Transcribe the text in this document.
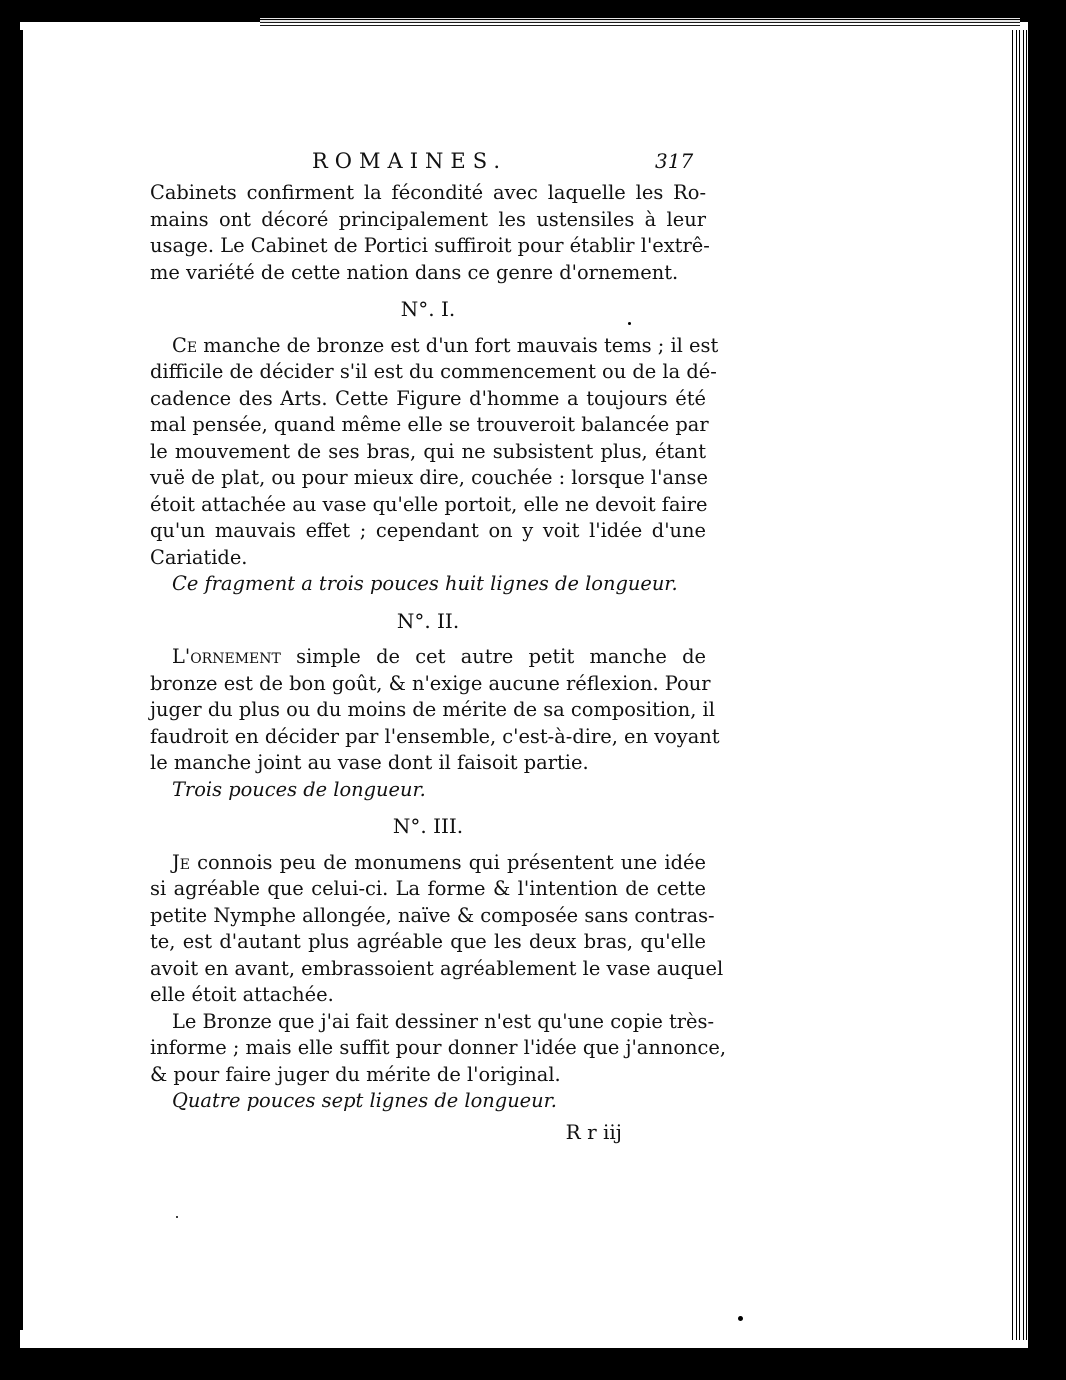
ROMAINES.	317
Cabinets confirment la fécondité avec laquelle les Ro-
mains ont décoré principalement les ustensiles à leur
usage. Le Cabinet de Portici suffiroit pour établir l'extrê-
me variété de cette nation dans ce genre d'ornement.
N°. I.
Ce manche de bronze est d'un fort mauvais tems ; il est
difficile de décider s'il est du commencement ou de la dé-
cadence des Arts. Cette Figure d'homme a toujours été
mal pensée, quand même elle se trouveroit balancée par
le mouvement de ses bras, qui ne subsistent plus, étant
vuë de plat, ou pour mieux dire, couchée : lorsque l'anse
étoit attachée au vase qu'elle portoit, elle ne devoit faire
qu'un mauvais effet ; cependant on y voit l'idée d'une
Cariatide.
Ce fragment a trois pouces huit lignes de longueur.
N°. II.
L'ornement simple de cet autre petit manche de
bronze est de bon goût, & n'exige aucune réflexion. Pour
juger du plus ou du moins de mérite de sa composition, il
faudroit en décider par l'ensemble, c'est-à-dire, en voyant
le manche joint au vase dont il faisoit partie.
Trois pouces de longueur.
N°. III.
Je connois peu de monumens qui présentent une idée
si agréable que celui-ci. La forme & l'intention de cette
petite Nymphe allongée, naïve & composée sans contras-
te, est d'autant plus agréable que les deux bras, qu'elle
avoit en avant, embrassoient agréablement le vase auquel
elle étoit attachée.
Le Bronze que j'ai fait dessiner n'est qu'une copie très-
informe ; mais elle suffit pour donner l'idée que j'annonce,
& pour faire juger du mérite de l'original.
Quatre pouces sept lignes de longueur.
R r iij
